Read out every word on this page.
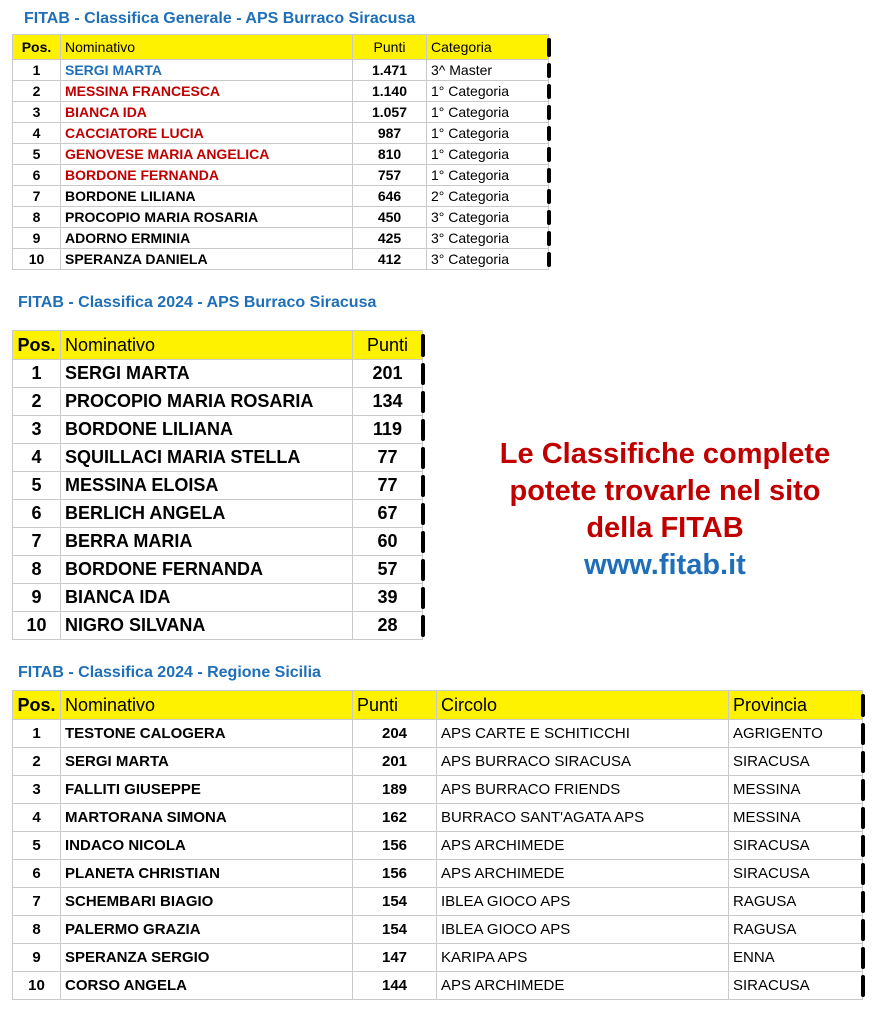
FITAB - Classifica Generale - APS Burraco Siracusa
Pos.	Nominativo	Punti	Categoria
1	SERGI MARTA	1.471	3^ Master
2	MESSINA FRANCESCA	1.140	1° Categoria
3	BIANCA IDA	1.057	1° Categoria
4	CACCIATORE LUCIA	987	1° Categoria
5	GENOVESE MARIA ANGELICA	810	1° Categoria
6	BORDONE FERNANDA	757	1° Categoria
7	BORDONE LILIANA	646	2° Categoria
8	PROCOPIO MARIA ROSARIA	450	3° Categoria
9	ADORNO ERMINIA	425	3° Categoria
10	SPERANZA DANIELA	412	3° Categoria
FITAB - Classifica 2024 - APS Burraco Siracusa
Pos.	Nominativo	Punti
1	SERGI MARTA	201
2	PROCOPIO MARIA ROSARIA	134
3	BORDONE LILIANA	119
4	SQUILLACI MARIA STELLA	77
5	MESSINA ELOISA	77
6	BERLICH ANGELA	67
7	BERRA MARIA	60
8	BORDONE FERNANDA	57
9	BIANCA IDA	39
10	NIGRO SILVANA	28
Le Classifiche complete
potete trovarle nel sito
della FITAB
www.fitab.it
FITAB - Classifica 2024 - Regione Sicilia
Pos.	Nominativo	Punti	Circolo	Provincia
1	TESTONE CALOGERA	204	APS CARTE E SCHITICCHI	AGRIGENTO
2	SERGI MARTA	201	APS BURRACO SIRACUSA	SIRACUSA
3	FALLITI GIUSEPPE	189	APS BURRACO FRIENDS	MESSINA
4	MARTORANA SIMONA	162	BURRACO SANT'AGATA APS	MESSINA
5	INDACO NICOLA	156	APS ARCHIMEDE	SIRACUSA
6	PLANETA CHRISTIAN	156	APS ARCHIMEDE	SIRACUSA
7	SCHEMBARI BIAGIO	154	IBLEA GIOCO APS	RAGUSA
8	PALERMO GRAZIA	154	IBLEA GIOCO APS	RAGUSA
9	SPERANZA SERGIO	147	KARIPA APS	ENNA
10	CORSO ANGELA	144	APS ARCHIMEDE	SIRACUSA
